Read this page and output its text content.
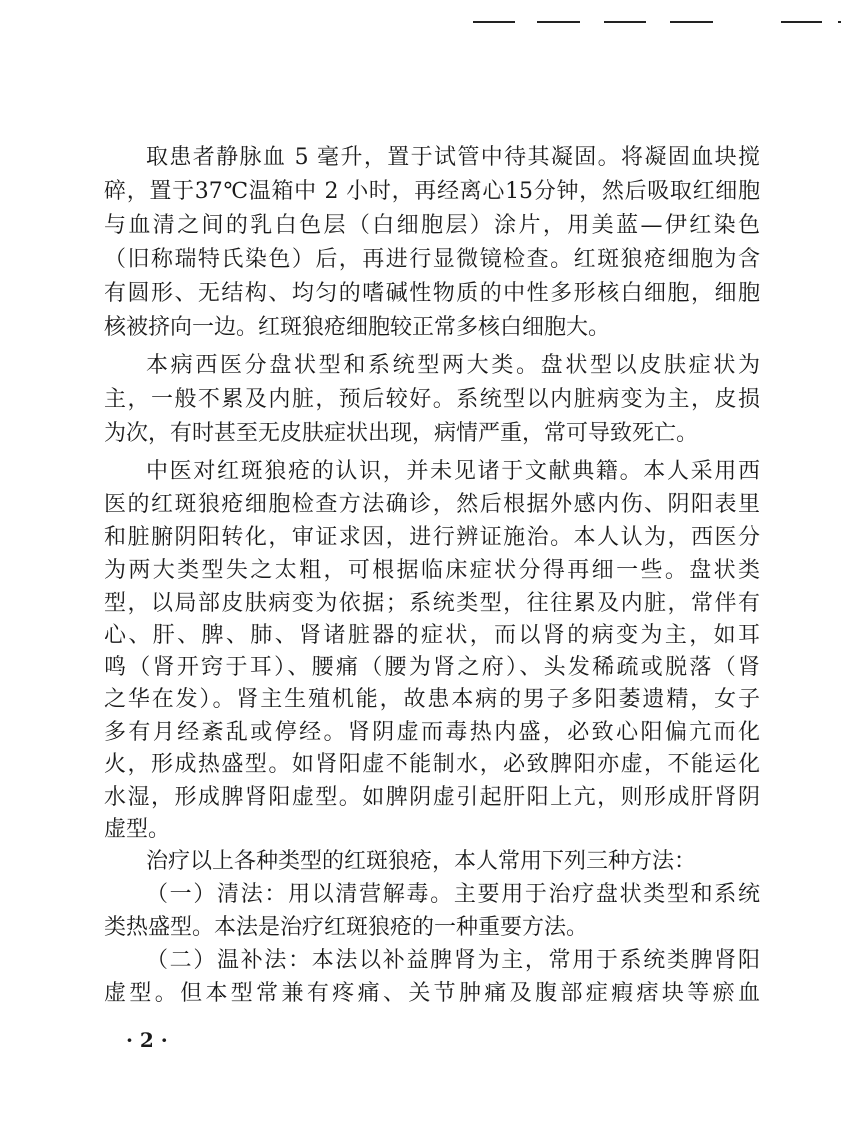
取患者静脉血 5 毫升，置于试管中待其凝固。将凝固血块搅
碎，置于37℃温箱中 2 小时，再经离心15分钟，然后吸取红细胞
与血清之间的乳白色层（白细胞层）涂片，用美蓝—伊红染色
（旧称瑞特氏染色）后，再进行显微镜检查。红斑狼疮细胞为含
有圆形、无结构、均匀的嗜碱性物质的中性多形核白细胞，细胞
核被挤向一边。红斑狼疮细胞较正常多核白细胞大。
本病西医分盘状型和系统型两大类。盘状型以皮肤症状为
主，一般不累及内脏，预后较好。系统型以内脏病变为主，皮损
为次，有时甚至无皮肤症状出现，病情严重，常可导致死亡。
中医对红斑狼疮的认识，并未见诸于文献典籍。本人采用西
医的红斑狼疮细胞检查方法确诊，然后根据外感内伤、阴阳表里
和脏腑阴阳转化，审证求因，进行辨证施治。本人认为，西医分
为两大类型失之太粗，可根据临床症状分得再细一些。盘状类
型，以局部皮肤病变为依据；系统类型，往往累及内脏，常伴有
心、肝、脾、肺、肾诸脏器的症状，而以肾的病变为主，如耳
鸣（肾开窍于耳）、腰痛（腰为肾之府）、头发稀疏或脱落（肾
之华在发）。肾主生殖机能，故患本病的男子多阳萎遗精，女子
多有月经紊乱或停经。肾阴虚而毒热内盛，必致心阳偏亢而化
火，形成热盛型。如肾阳虚不能制水，必致脾阳亦虚，不能运化
水湿，形成脾肾阳虚型。如脾阴虚引起肝阳上亢，则形成肝肾阴
虚型。
治疗以上各种类型的红斑狼疮，本人常用下列三种方法：
（一）清法：用以清营解毒。主要用于治疗盘状类型和系统
类热盛型。本法是治疗红斑狼疮的一种重要方法。
（二）温补法：本法以补益脾肾为主，常用于系统类脾肾阳
虚型。但本型常兼有疼痛、关节肿痛及腹部症瘕痞块等瘀血
· 2 ·
